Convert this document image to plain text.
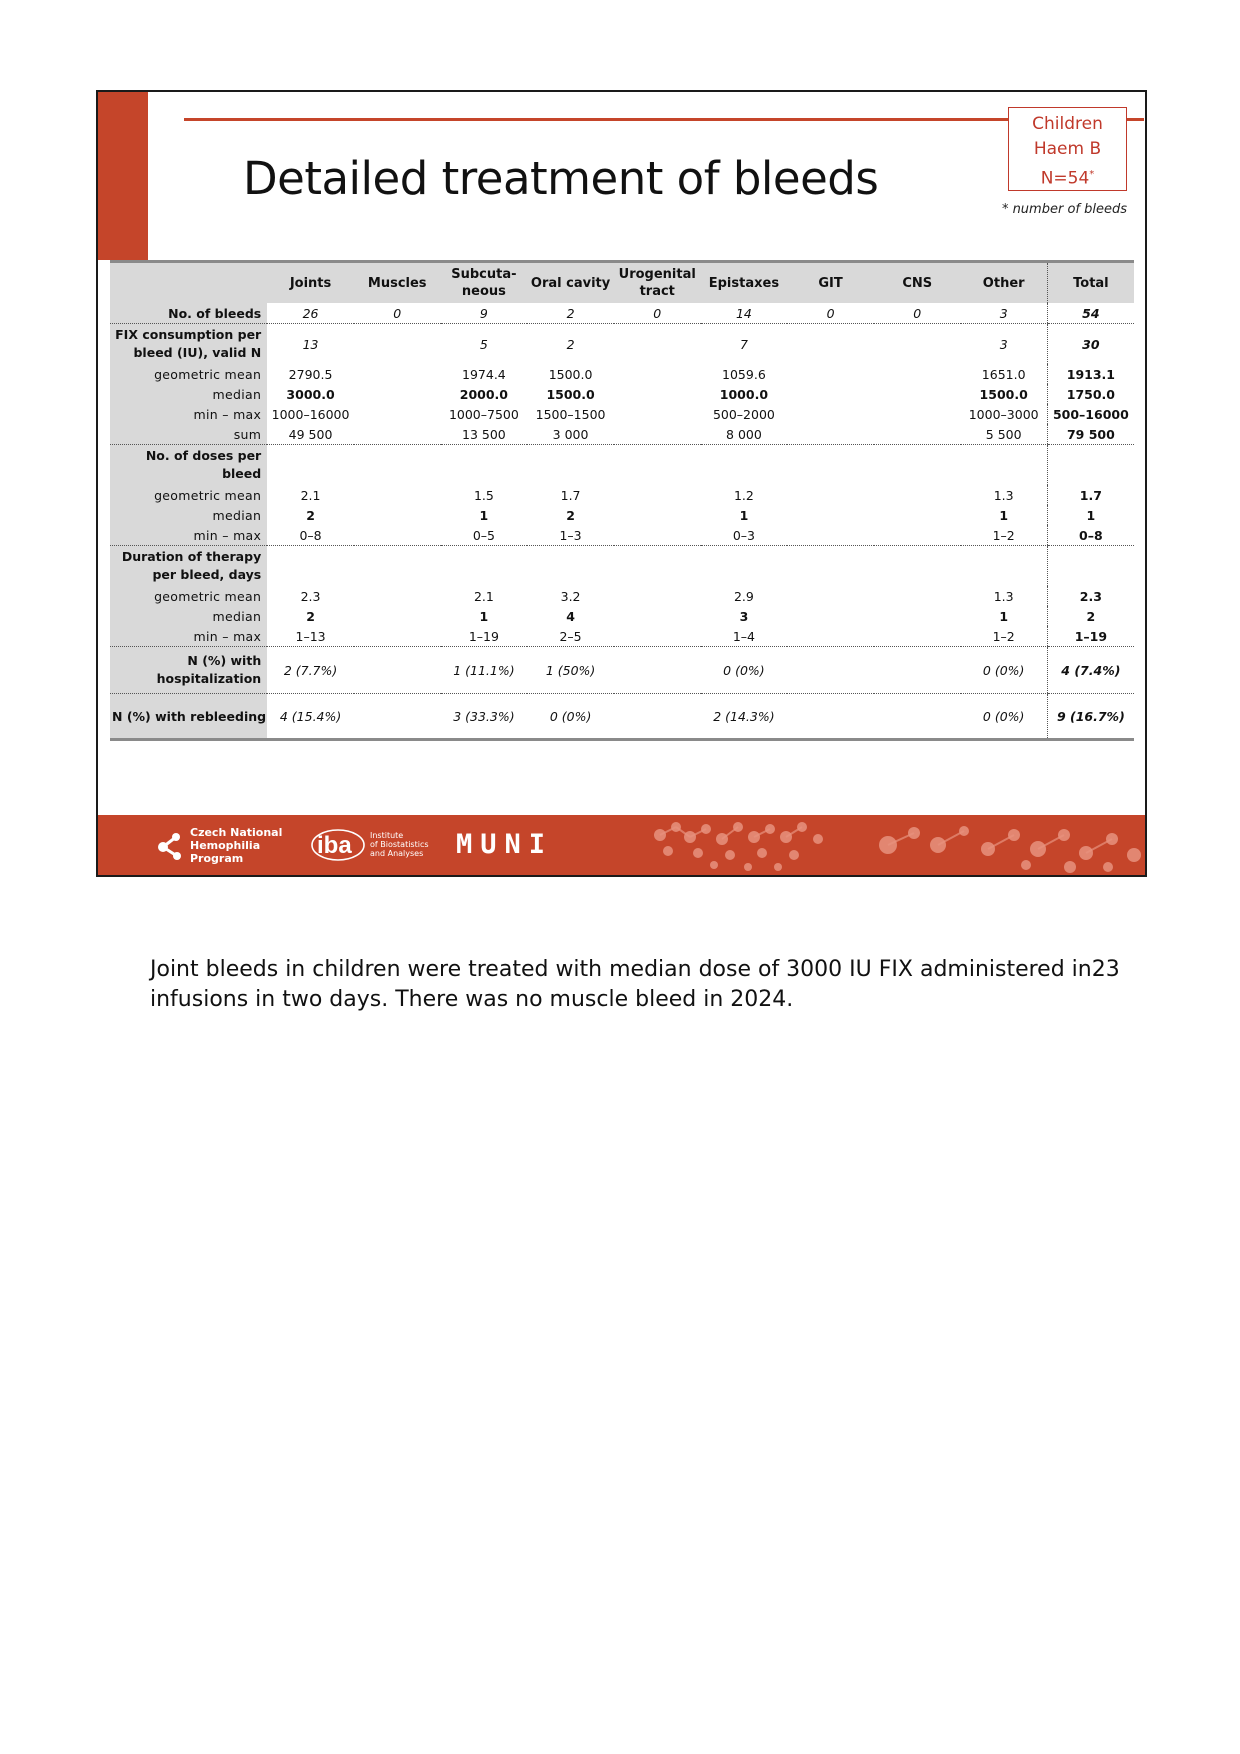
Detailed treatment of bleeds
Children
Haem B
N=54*
* number of bleeds
	Joints	Muscles	Subcuta-neous	Oral cavity	Urogenital tract	Epistaxes	GIT	CNS	Other	Total
No. of bleeds	26	0	9	2	0	14	0	0	3	54
FIX consumption per bleed (IU), valid N	13		5	2		7			3	30
geometric mean	2790.5		1974.4	1500.0		1059.6			1651.0	1913.1
median	3000.0		2000.0	1500.0		1000.0			1500.0	1750.0
min – max	1000–16000		1000–7500	1500–1500		500–2000			1000–3000	500–16000
sum	49 500		13 500	3 000		8 000			5 500	79 500
No. of doses per bleed										
geometric mean	2.1		1.5	1.7		1.2			1.3	1.7
median	2		1	2		1			1	1
min – max	0–8		0–5	1–3		0–3			1–2	0–8
Duration of therapy per bleed, days										
geometric mean	2.3		2.1	3.2		2.9			1.3	2.3
median	2		1	4		3			1	2
min – max	1–13		1–19	2–5		1–4			1–2	1–19
N (%) with hospitalization	2 (7.7%)		1 (11.1%)	1 (50%)		0 (0%)			0 (0%)	4 (7.4%)
N (%) with rebleeding	4 (15.4%)		3 (33.3%)	0 (0%)		2 (14.3%)			0 (0%)	9 (16.7%)
Czech National
Hemophilia
Program	iba Institute
of Biostatistics
and Analyses MUNI
Joint bleeds in children were treated with median dose of 3000 IU FIX administered in23 infusions in two days. There was no muscle bleed in 2024.
